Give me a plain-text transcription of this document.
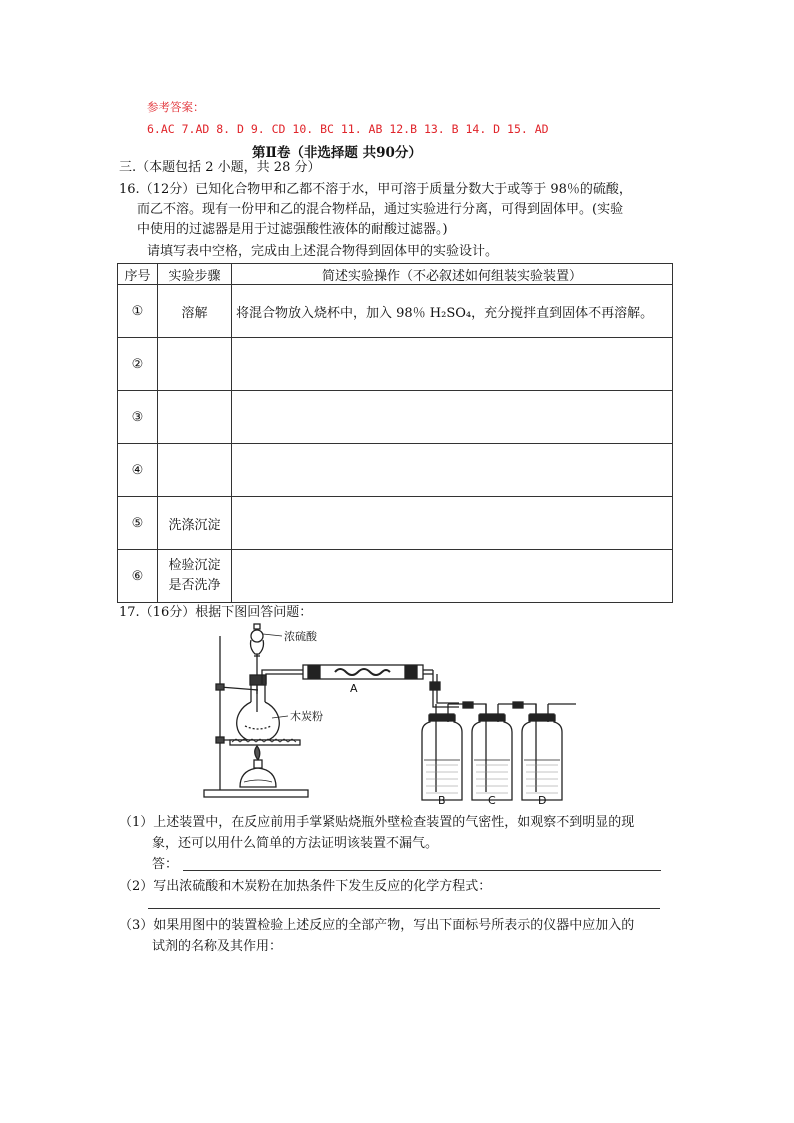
参考答案：
6.AC 7.AD 8. D 9. CD 10. BC 11. AB 12.B 13. B 14. D 15. AD
第Ⅱ卷（非选择题 共90分）
三.（本题包括 2 小题，共 28 分）
16.（12分）已知化合物甲和乙都不溶于水，甲可溶于质量分数大于或等于 98％的硫酸，
而乙不溶。现有一份甲和乙的混合物样品，通过实验进行分离，可得到固体甲。(实验
中使用的过滤器是用于过滤强酸性液体的耐酸过滤器。)
请填写表中空格，完成由上述混合物得到固体甲的实验设计。
序号	实验步骤	简述实验操作（不必叙述如何组装实验装置）
①	溶解	将混合物放入烧杯中，加入 98％ H₂SO₄，充分搅拌直到固体不再溶解。
②		
③		
④		
⑤	洗涤沉淀	
⑥	检验沉淀
是否洗净	
17.（16分）根据下图回答问题：
浓硫酸
木炭粉
A
B	C	D
（1）上述装置中，在反应前用手掌紧贴烧瓶外壁检查装置的气密性，如观察不到明显的现
象，还可以用什么简单的方法证明该装置不漏气。
答：
（2）写出浓硫酸和木炭粉在加热条件下发生反应的化学方程式：
（3）如果用图中的装置检验上述反应的全部产物，写出下面标号所表示的仪器中应加入的
试剂的名称及其作用：
